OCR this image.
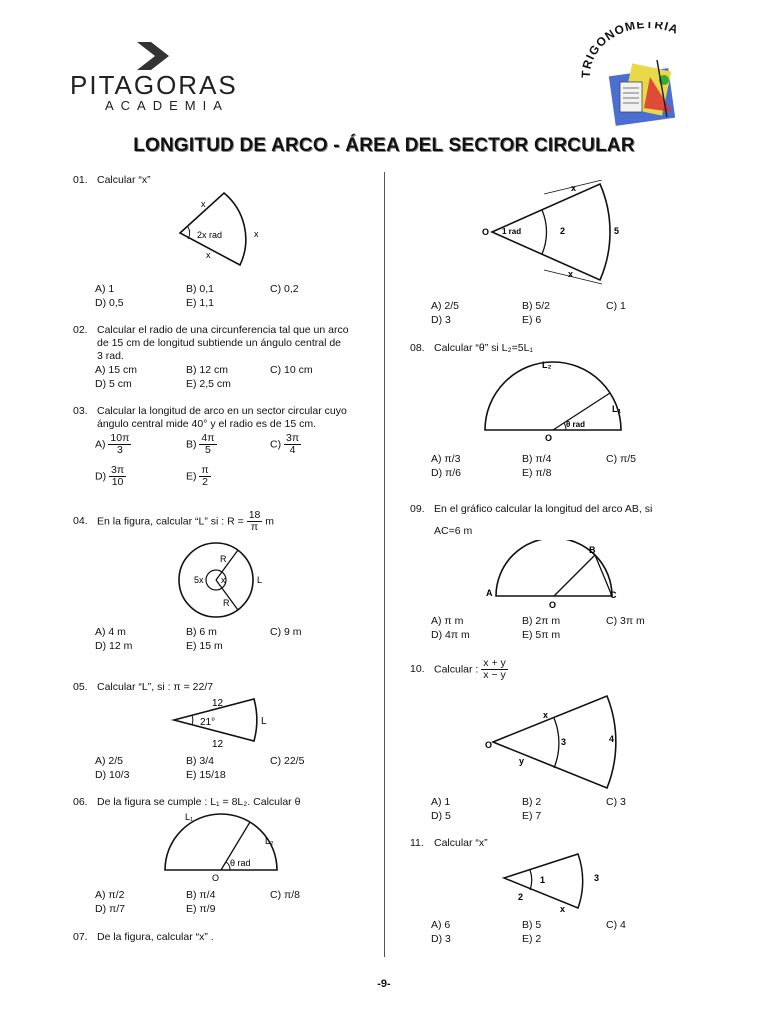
PITAGORAS
ACADEMIA
TRIGONOMETRÍA
LONGITUD DE ARCO - ÁREA DEL SECTOR CIRCULAR
01. Calcular “x”
x
x
x
2x rad
A) 1	B) 0,1	C) 0,2
D) 0,5	E) 1,1
02. Calcular el radio de una circunferencia tal que un arco
de 15 cm de longitud subtiende un ángulo central de
3 rad.
A) 15 cm	B) 12 cm	C) 10 cm
D) 5 cm	E) 2,5 cm
03. Calcular la longitud de arco en un sector circular cuyo
ángulo central mide 40° y el radio es de 15 cm.
$A) \frac{10\pi}{3}$	$B) \frac{4\pi}{5}$	$C) \frac{3\pi}{4}$
$D) \frac{3\pi}{10}$	$E) \frac{\pi}{2}$
04. En la figura, calcular “L” si : $R = \frac{18}{\pi}$ m
R
R
5x x	L
A) 4 m	B) 6 m	C) 9 m
D) 12 m	E) 15 m
05. Calcular “L”, si : π = 22/7
12
12
21°	L
A) 2/5	B) 3/4	C) 22/5
D) 10/3	E) 15/18
06. De la figura se cumple : L₁ = 8L₂. Calcular θ
L₁
L₂
θ rad
O
A) π/2	B) π/4	C) π/8
D) π/7	E) π/9
07. De la figura, calcular “x” .
O 1 rad	2	5
x
x
A) 2/5	B) 5/2	C) 1
D) 3	E) 6
08. Calcular “θ” si L₂=5L₁
L₂
L₁
θ rad
O
A) π/3	B) π/4	C) π/5
D) π/6	E) π/8
09. En el gráfico calcular la longitud del arco AB, si
AC=6 m
A
B
C
O
A) π m	B) 2π m	C) 3π m
D) 4π m	E) 5π m
10. Calcular : $\frac{x + y}{x - y}$
O
x
y
3	4
A) 1	B) 2	C) 3
D) 5	E) 7
11. Calcular “x”
1
2
3
x
A) 6	B) 5	C) 4
D) 3	E) 2
-9-
